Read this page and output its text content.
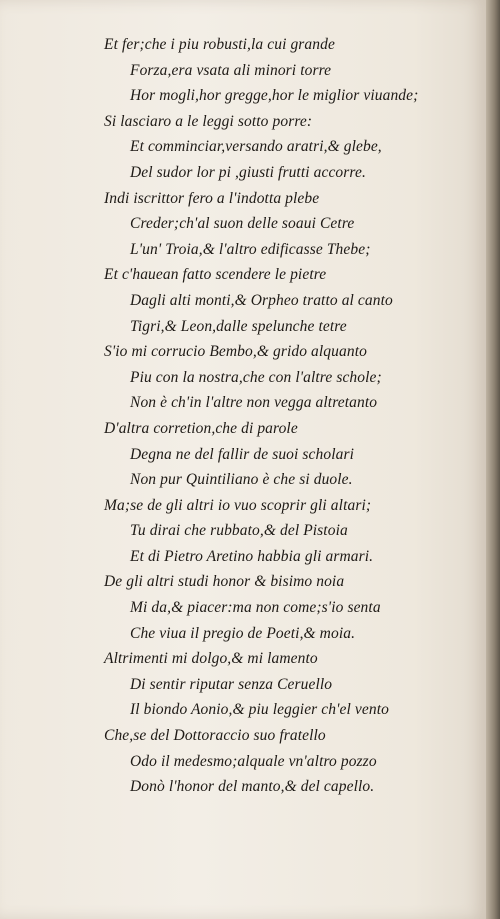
Et fer;che i piu robusti,la cui grande
Forza,era vsata ali minori torre
Hor mogli,hor gregge,hor le miglior viuande;
Si lasciaro a le leggi sotto porre:
Et comminciar,versando aratri,& glebe,
Del sudor lor pi ,giusti frutti accorre.
Indi iscrittor fero a l'indotta plebe
Creder;ch'al suon delle soaui Cetre
L'un' Troia,& l'altro edificasse Thebe;
Et c'hauean fatto scendere le pietre
Dagli alti monti,& Orpheo tratto al canto
Tigri,& Leon,dalle spelunche tetre
S'io mi corrucio Bembo,& grido alquanto
Piu con la nostra,che con l'altre schole;
Non è ch'in l'altre non vegga altretanto
D'altra corretion,che di parole
Degna ne del fallir de suoi scholari
Non pur Quintiliano è che si duole.
Ma;se de gli altri io vuo scoprir gli altari;
Tu dirai che rubbato,& del Pistoia
Et di Pietro Aretino habbia gli armari.
De gli altri studi honor & bisimo noia
Mi da,& piacer:ma non come;s'io senta
Che viua il pregio de Poeti,& moia.
Altrimenti mi dolgo,& mi lamento
Di sentir riputar senza Ceruello
Il biondo Aonio,& piu leggier ch'el vento
Che,se del Dottoraccio suo fratello
Odo il medesmo;alquale vn'altro pozzo
Donò l'honor del manto,& del capello.
